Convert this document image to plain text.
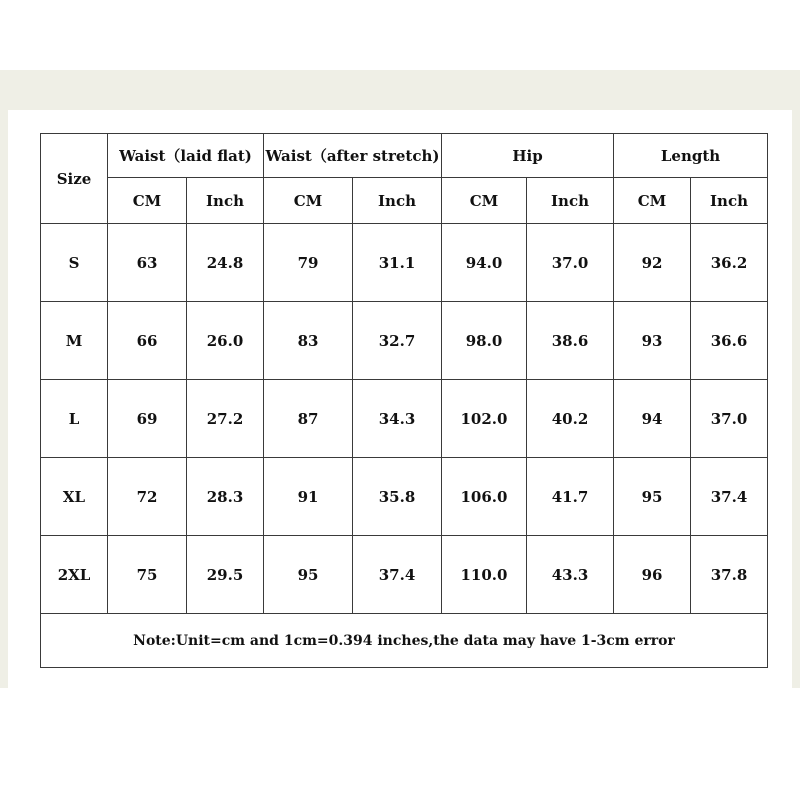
Size	Waist（laid flat)		Waist（after stretch)		Hip		Length	
	CM	Inch	CM	Inch	CM	Inch	CM	Inch
S	63	24.8	79	31.1	94.0	37.0	92	36.2
M	66	26.0	83	32.7	98.0	38.6	93	36.6
L	69	27.2	87	34.3	102.0	40.2	94	37.0
XL	72	28.3	91	35.8	106.0	41.7	95	37.4
2XL	75	29.5	95	37.4	110.0	43.3	96	37.8
Note:Unit=cm and 1cm=0.394 inches,the data may have 1-3cm error								
